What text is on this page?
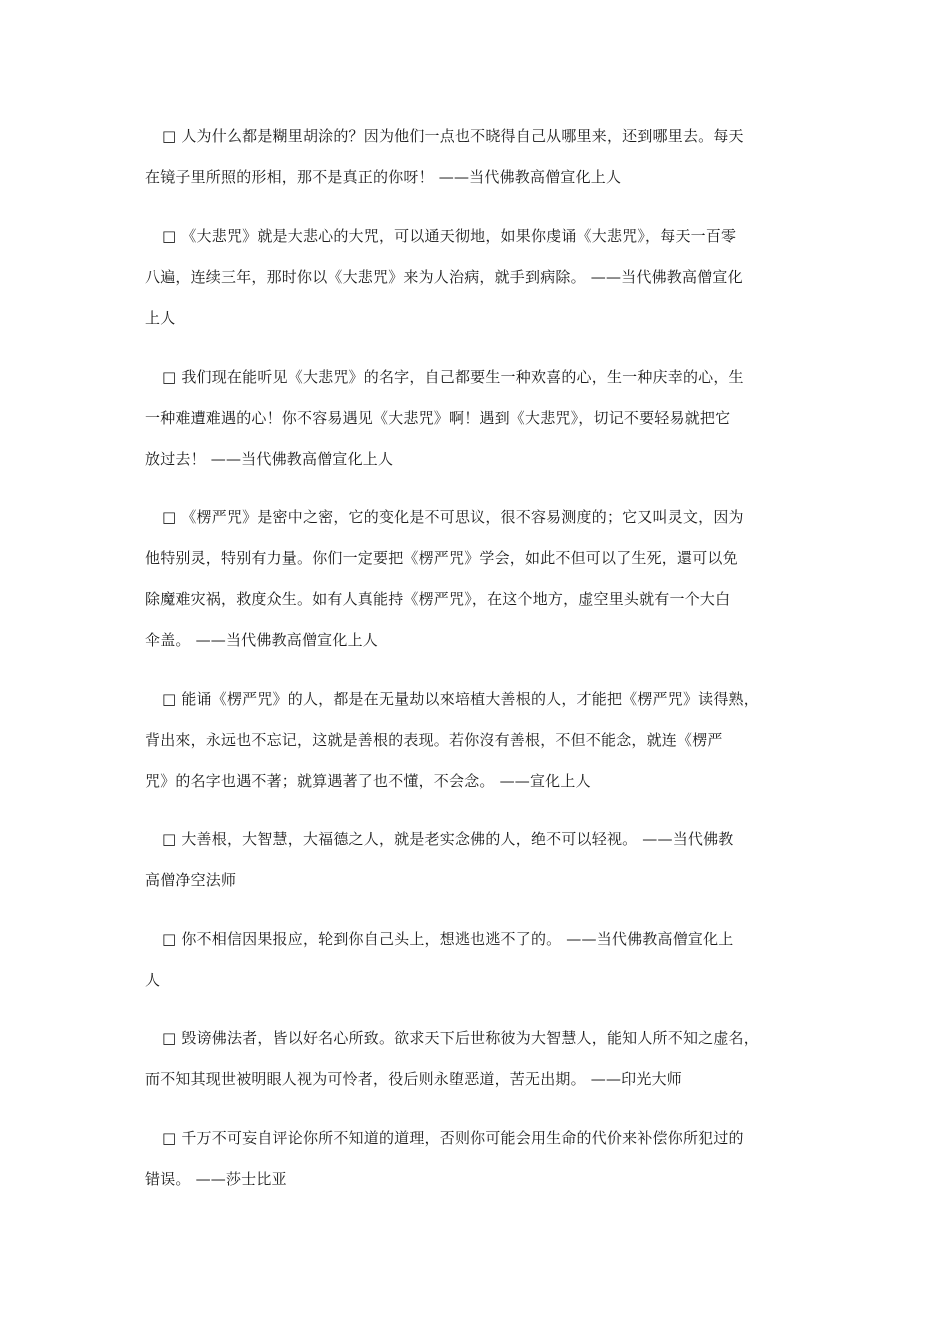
□ 人为什么都是糊里胡涂的？因为他们一点也不晓得自己从哪里来，还到哪里去。每天
在镜子里所照的形相，那不是真正的你呀！ ——当代佛教高僧宣化上人
□ 《大悲咒》就是大悲心的大咒，可以通天彻地，如果你虔诵《大悲咒》，每天一百零
八遍，连续三年，那时你以《大悲咒》来为人治病，就手到病除。 ——当代佛教高僧宣化
上人
□ 我们现在能听见《大悲咒》的名字，自己都要生一种欢喜的心，生一种庆幸的心，生
一种难遭难遇的心！你不容易遇见《大悲咒》啊！遇到《大悲咒》，切记不要轻易就把它
放过去！ ——当代佛教高僧宣化上人
□ 《楞严咒》是密中之密，它的变化是不可思议，很不容易测度的；它又叫灵文，因为
他特别灵，特别有力量。你们一定要把《楞严咒》学会，如此不但可以了生死，還可以免
除魔难灾祸，救度众生。如有人真能持《楞严咒》，在这个地方，虚空里头就有一个大白
伞盖。 ——当代佛教高僧宣化上人
□ 能诵《楞严咒》的人，都是在无量劫以來培植大善根的人，才能把《楞严咒》读得熟，
背出來，永远也不忘记，这就是善根的表现。若你沒有善根，不但不能念，就连《楞严
咒》的名字也遇不著；就算遇著了也不懂，不会念。 ——宣化上人
□ 大善根，大智慧，大福德之人，就是老实念佛的人，绝不可以轻视。 ——当代佛教
高僧净空法师
□ 你不相信因果报应，轮到你自己头上，想逃也逃不了的。 ——当代佛教高僧宣化上
人
□ 毁谤佛法者，皆以好名心所致。欲求天下后世称彼为大智慧人，能知人所不知之虚名，
而不知其现世被明眼人视为可怜者，役后则永堕恶道，苦无出期。 ——印光大师
□ 千万不可妄自评论你所不知道的道理，否则你可能会用生命的代价来补偿你所犯过的
错误。 ——莎士比亚
